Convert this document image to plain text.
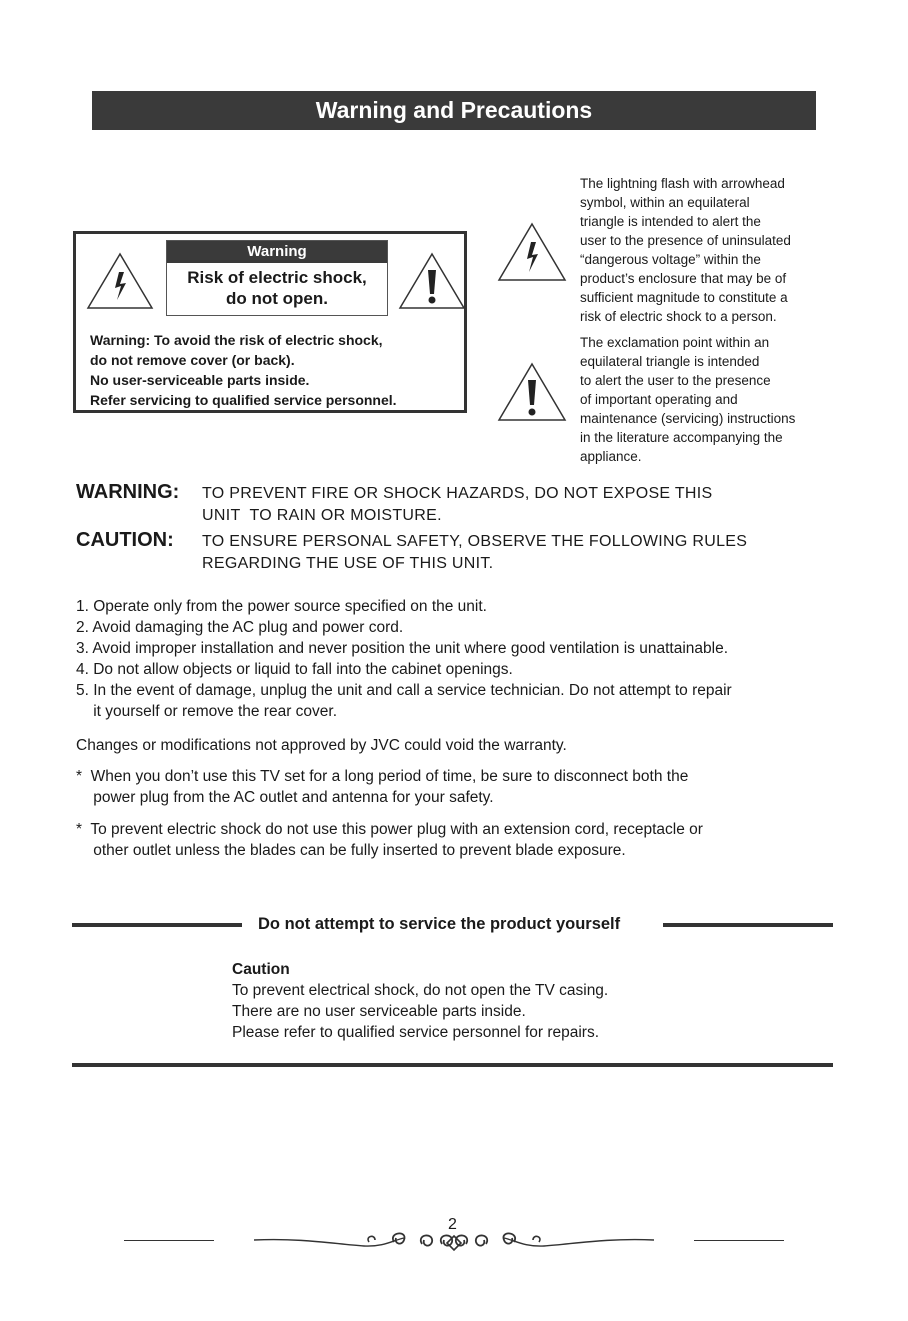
Warning and Precautions
Warning
Risk of electric shock,
do not open.
Warning: To avoid the risk of electric shock,
do not remove cover (or back).
No user-serviceable parts inside.
Refer servicing to qualified service personnel.
The lightning flash with arrowhead
symbol, within an equilateral
triangle is intended to alert the
user to the presence of uninsulated
“dangerous voltage” within the
product’s enclosure that may be of
sufficient magnitude to constitute a
risk of electric shock to a person.
The exclamation point within an
equilateral triangle is intended
to alert the user to the presence
of important operating and
maintenance (servicing) instructions
in the literature accompanying the
appliance.
WARNING: TO PREVENT FIRE OR SHOCK HAZARDS, DO NOT EXPOSE THIS
UNIT  TO RAIN OR MOISTURE.
CAUTION: TO ENSURE PERSONAL SAFETY, OBSERVE THE FOLLOWING RULES
REGARDING THE USE OF THIS UNIT.
1. Operate only from the power source specified on the unit.
2. Avoid damaging the AC plug and power cord.
3. Avoid improper installation and never position the unit where good ventilation is unattainable.
4. Do not allow objects or liquid to fall into the cabinet openings.
5. In the event of damage, unplug the unit and call a service technician. Do not attempt to repair
it yourself or remove the rear cover.
Changes or modifications not approved by JVC could void the warranty.
*  When you don’t use this TV set for a long period of time, be sure to disconnect both the
power plug from the AC outlet and antenna for your safety.
*  To prevent electric shock do not use this power plug with an extension cord, receptacle or
other outlet unless the blades can be fully inserted to prevent blade exposure.
Do not attempt to service the product yourself
Caution
To prevent electrical shock, do not open the TV casing.
There are no user serviceable parts inside.
Please refer to qualified service personnel for repairs.
2
